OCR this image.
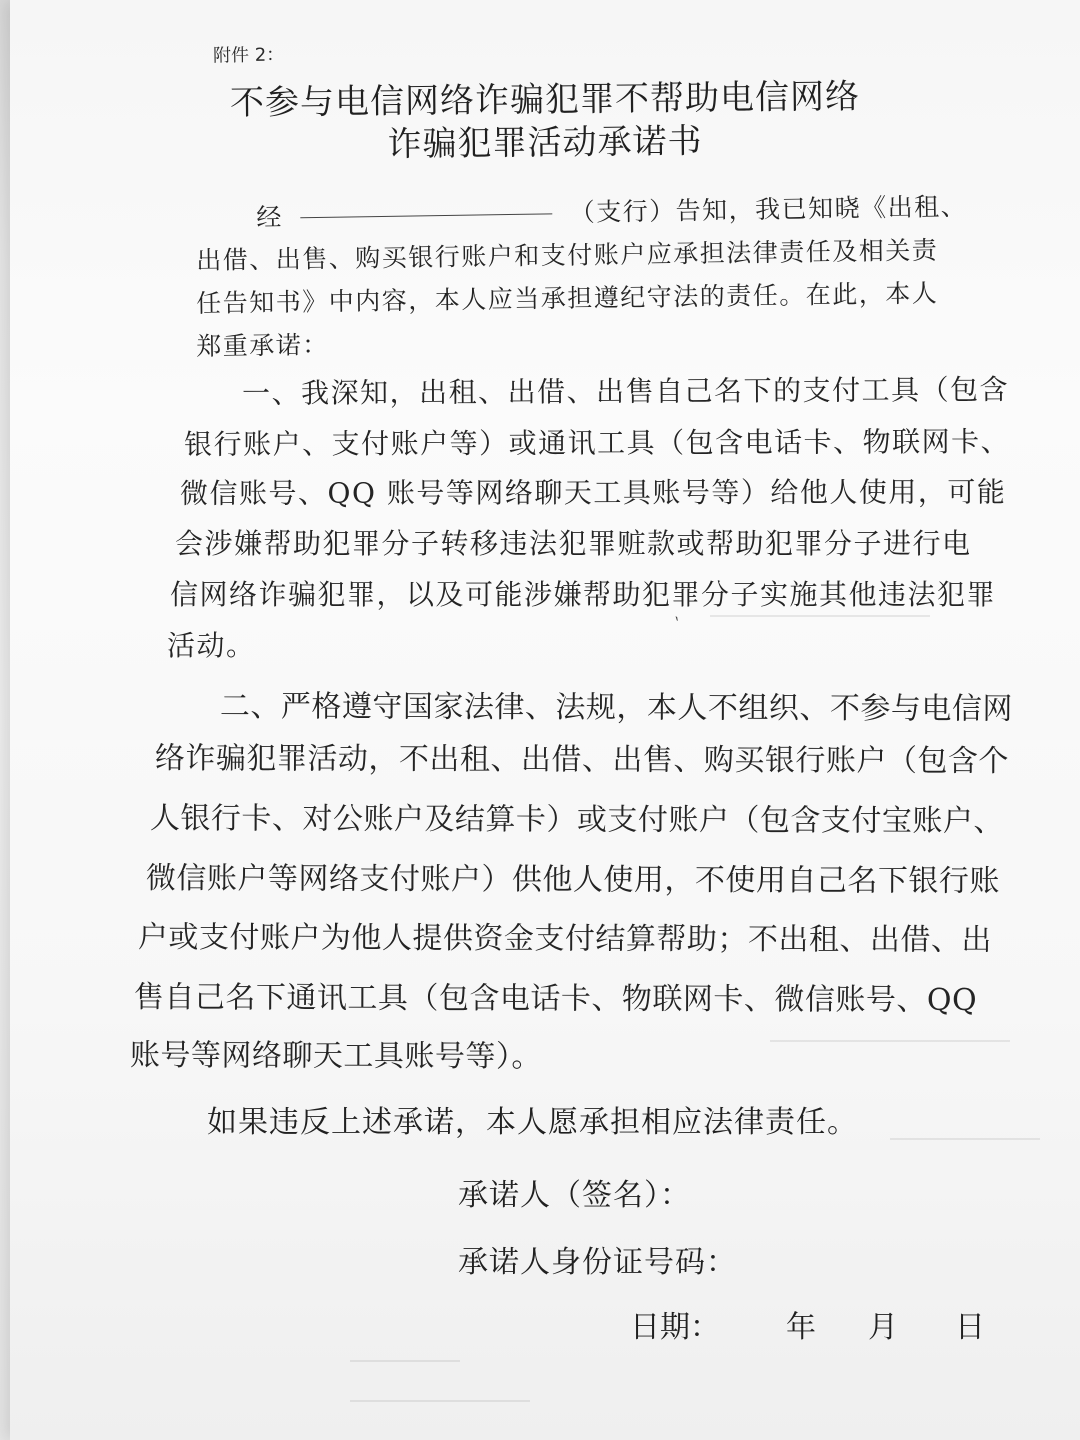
附件 2：
不参与电信网络诈骗犯罪不帮助电信网络
诈骗犯罪活动承诺书
经	（支行）告知，我已知晓《出租、
出借、出售、购买银行账户和支付账户应承担法律责任及相关责
任告知书》中内容，本人应当承担遵纪守法的责任。在此，本人
郑重承诺：
一、我深知，出租、出借、出售自己名下的支付工具（包含
银行账户、支付账户等）或通讯工具（包含电话卡、物联网卡、
微信账号、QQ 账号等网络聊天工具账号等）给他人使用，可能
会涉嫌帮助犯罪分子转移违法犯罪赃款或帮助犯罪分子进行电
信网络诈骗犯罪，以及可能涉嫌帮助犯罪分子实施其他违法犯罪
活动。
`
二、严格遵守国家法律、法规，本人不组织、不参与电信网
络诈骗犯罪活动，不出租、出借、出售、购买银行账户（包含个
人银行卡、对公账户及结算卡）或支付账户（包含支付宝账户、
微信账户等网络支付账户）供他人使用，不使用自己名下银行账
户或支付账户为他人提供资金支付结算帮助；不出租、出借、出
售自己名下通讯工具（包含电话卡、物联网卡、微信账号、QQ
账号等网络聊天工具账号等）。
如果违反上述承诺，本人愿承担相应法律责任。
承诺人（签名）：
承诺人身份证号码：
日期： 年 月 日
